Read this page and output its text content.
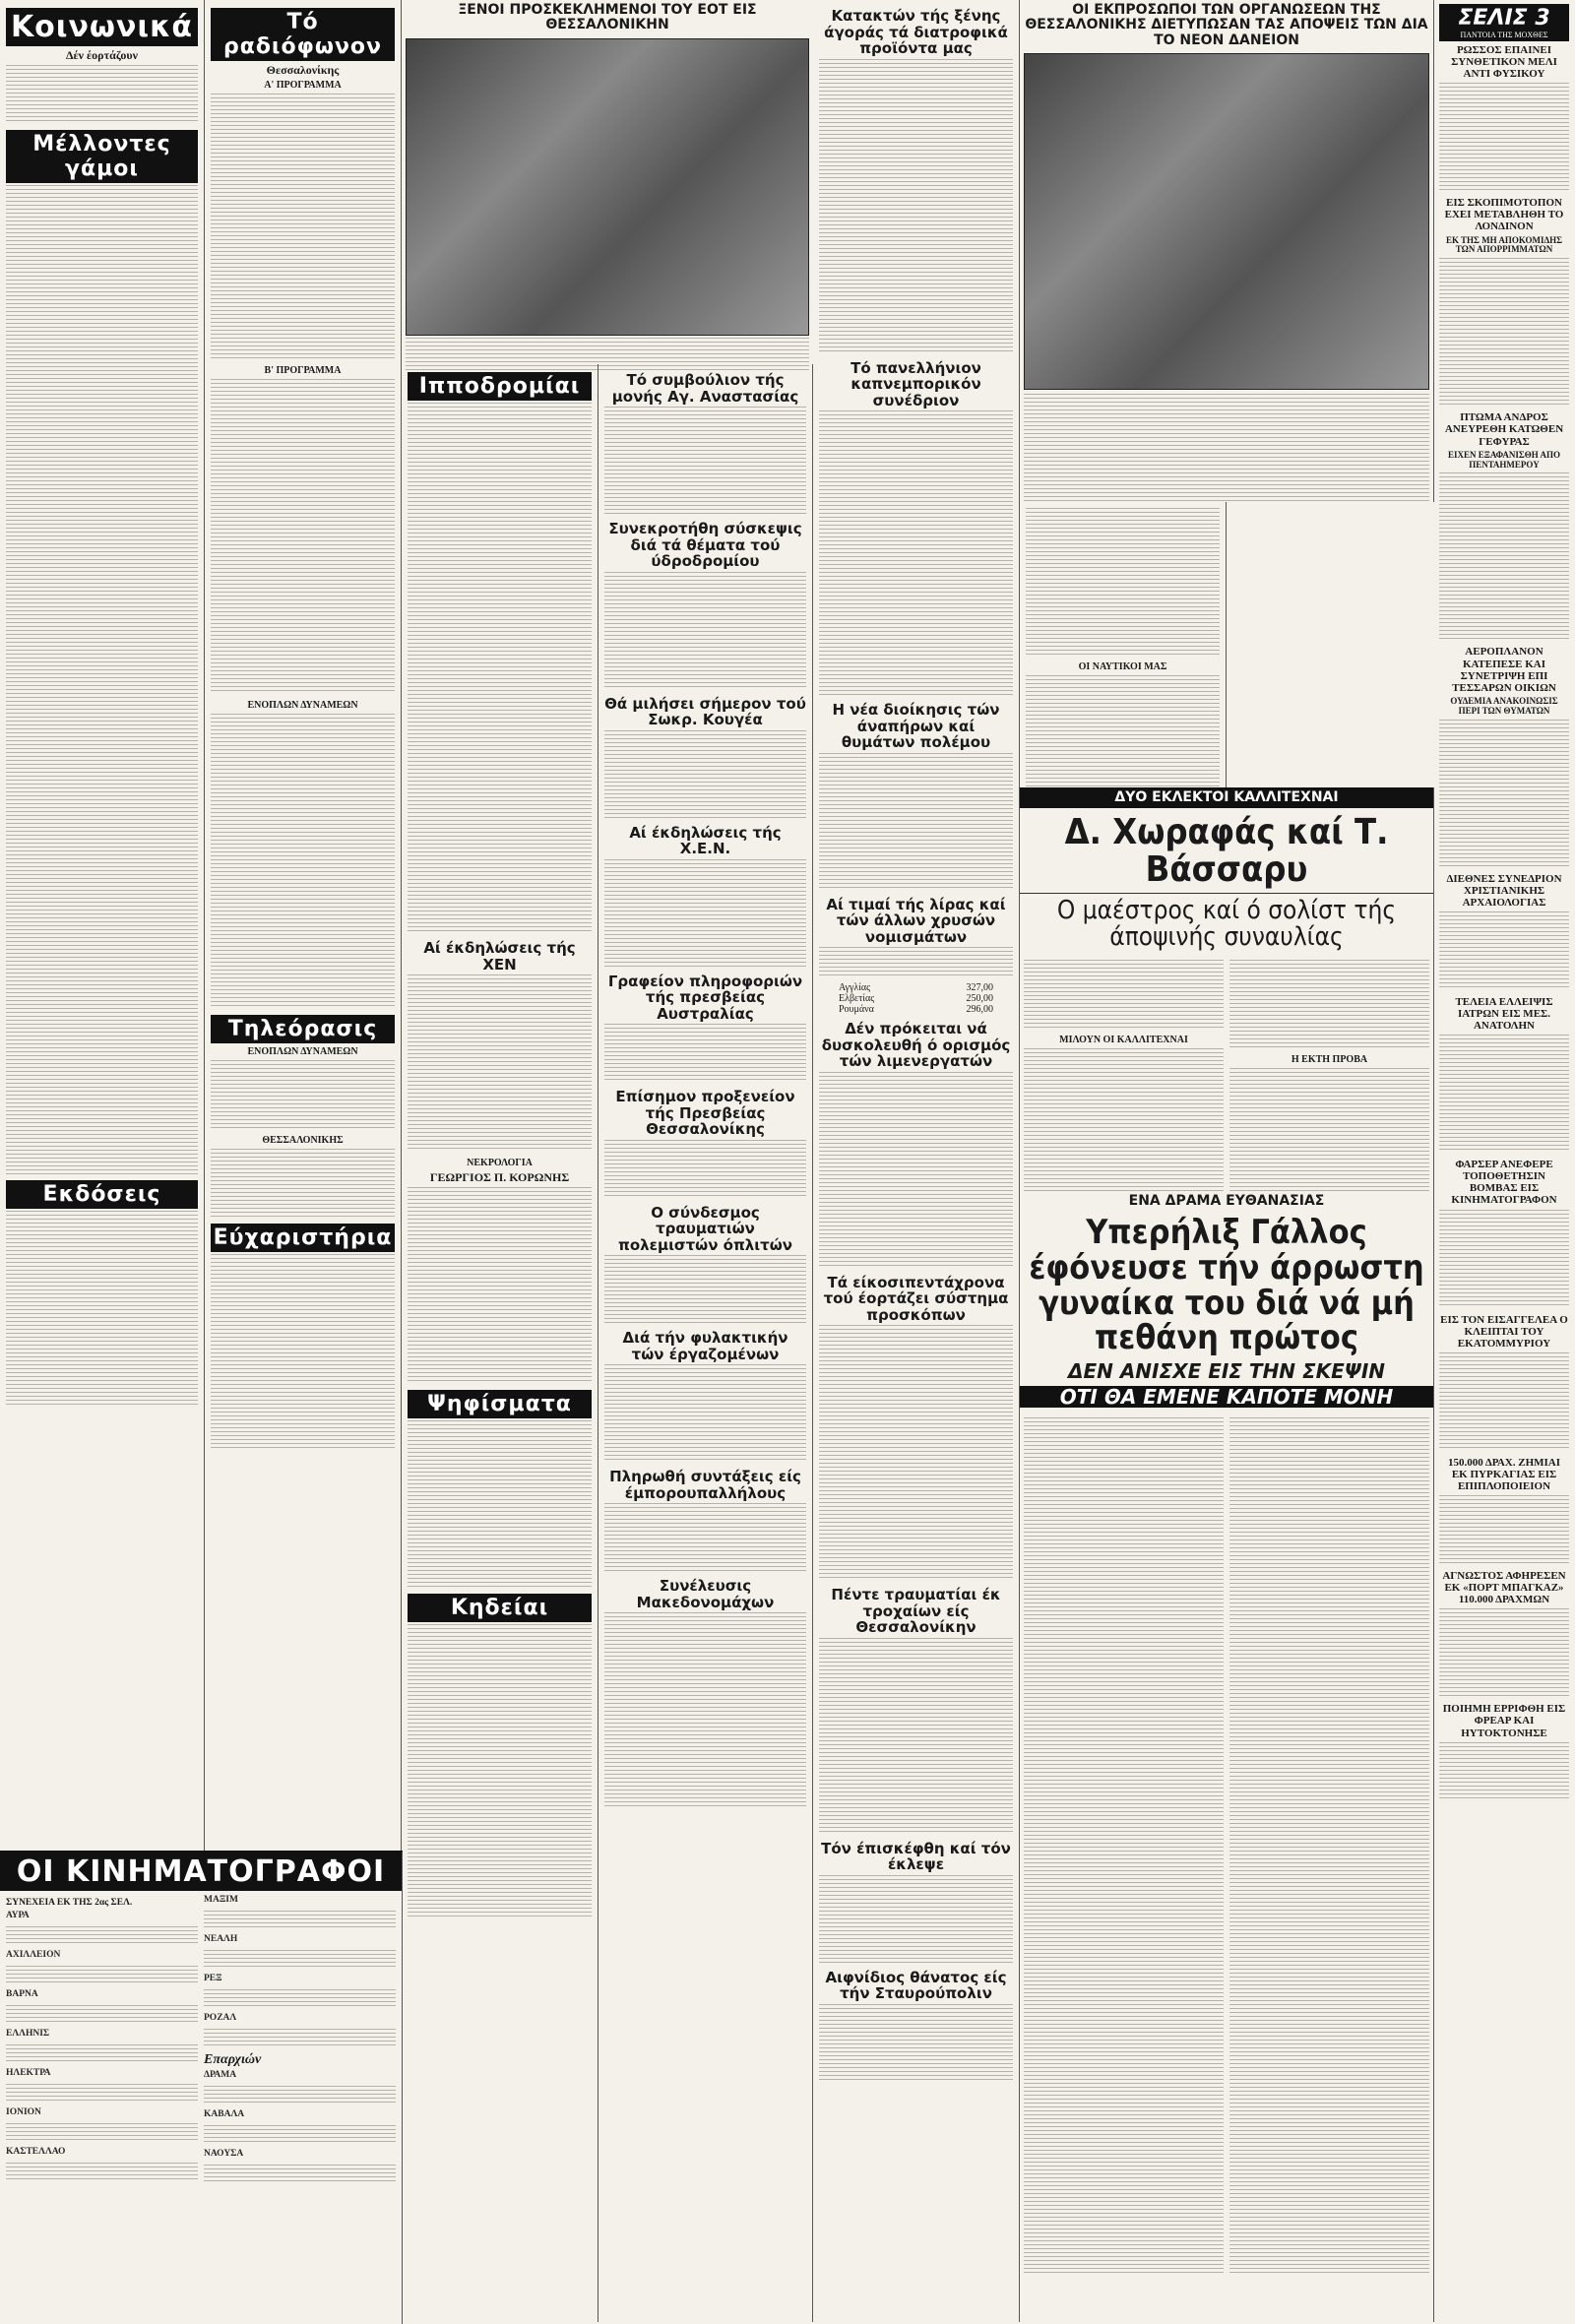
Κοινωνικά
Δέν έορτάζουν
Μέλλοντες γάμοι
Εκδόσεις
Τό ραδιόφωνον
Θεσσαλονίκης
Α' ΠΡΟΓΡΑΜΜΑ
Β' ΠΡΟΓΡΑΜΜΑ
ΕΝΟΠΛΩΝ ΔΥΝΑΜΕΩΝ
Τηλεόρασις
ΕΝΟΠΛΩΝ ΔΥΝΑΜΕΩΝ
ΘΕΣΣΑΛΟΝΙΚΗΣ
Εύχαριστήρια
ΞΕΝΟΙ ΠΡΟΣΚΕΚΛΗΜΕΝΟΙ ΤΟΥ ΕΟΤ ΕΙΣ ΘΕΣΣΑΛΟΝΙΚΗΝ
Ιπποδρομίαι
Αί έκδηλώσεις τής ΧΕΝ
ΝΕΚΡΟΛΟΓΙΑ
ΓΕΩΡΓΙΟΣ Π. ΚΟΡΩΝΗΣ
Ψηφίσματα
Κηδείαι
Τό συμβούλιον τής μονής Αγ. Αναστασίας
Συνεκροτήθη σύσκεψις διά τά θέματα τού ύδροδρομίου
Θά μιλήσει σήμερον τού Σωκρ. Κουγέα
Αί έκδηλώσεις τής Χ.Ε.Ν.
Γραφείον πληροφοριών τής πρεσβείας Αυστραλίας
Επίσημον προξενείον τής Πρεσβείας Θεσσαλονίκης
Ο σύνδεσμος τραυματιών πολεμιστών όπλιτών
Διά τήν φυλακτικήν τών έργαζομένων
Πληρωθή συντάξεις είς έμπορουπαλλήλους
Συνέλευσις Μακεδονομάχων
Κατακτών τής ξένης άγοράς τά διατροφικά προϊόντα μας
Τό πανελλήνιον καπνεμπορικόν συνέδριον
Η νέα διοίκησις τών άναπήρων καί θυμάτων πολέμου
Αί τιμαί τής λίρας καί τών άλλων χρυσών νομισμάτων
Αγγλίας	327,00
Ελβετίας	250,00
Ρουμάνα	296,00
Δέν πρόκειται νά δυσκολευθή ό ορισμός τών λιμενεργατών
Τά είκοσιπεντάχρονα τού έορτάζει σύστημα προσκόπων
Πέντε τραυματίαι έκ τροχαίων είς Θεσσαλονίκην
Τόν έπισκέφθη καί τόν έκλεψε
Αιφνίδιος θάνατος είς τήν Σταυρούπολιν
ΟΙ ΕΚΠΡΟΣΩΠΟΙ ΤΩΝ ΟΡΓΑΝΩΣΕΩΝ ΤΗΣ ΘΕΣΣΑΛΟΝΙΚΗΣ ΔΙΕΤΥΠΩΣΑΝ ΤΑΣ ΑΠΟΨΕΙΣ ΤΩΝ ΔΙΑ ΤΟ ΝΕΟΝ ΔΑΝΕΙΟΝ
ΟΙ ΝΑΥΤΙΚΟΙ ΜΑΣ
ΔΥΟ ΕΚΛΕΚΤΟΙ ΚΑΛΛΙΤΕΧΝΑΙ
Δ. Χωραφάς καί Τ. Βάσσαρυ
Ο μαέστρος καί ό σολίστ τής άποψινής συναυλίας
ΜΙΛΟΥΝ ΟΙ ΚΑΛΛΙΤΕΧΝΑΙ
Η ΕΚΤΗ ΠΡΟΒΑ
ΕΝΑ ΔΡΑΜΑ ΕΥΘΑΝΑΣΙΑΣ
Υπερήλιξ Γάλλος έφόνευσε τήν άρρωστη γυναίκα του διά νά μή πεθάνη πρώτος
ΔΕΝ ΑΝΙΣΧΕ ΕΙΣ ΤΗΝ ΣΚΕΨΙΝ
ΟΤΙ ΘΑ ΕΜΕΝΕ ΚΑΠΟΤΕ ΜΟΝΗ
ΣΕΛΙΣ 3
ΠΑΝΤΟΙΑ ΤΗΣ ΜΟΧΘΕΣ
ΡΩΣΣΟΣ ΕΠΑΙΝΕΙ ΣΥΝΘΕΤΙΚΟΝ ΜΕΛΙ ΑΝΤΙ ΦΥΣΙΚΟΥ
ΕΙΣ ΣΚΟΠΙΜΟΤΟΠΟΝ ΕΧΕΙ ΜΕΤΑΒΛΗΘΗ ΤΟ ΛΟΝΔΙΝΟΝ
ΕΚ ΤΗΣ ΜΗ ΑΠΟΚΟΜΙΔΗΣ ΤΩΝ ΑΠΟΡΡΙΜΜΑΤΩΝ
ΠΤΩΜΑ ΑΝΔΡΟΣ ΑΝΕΥΡΕΘΗ ΚΑΤΩΘΕΝ ΓΕΦΥΡΑΣ
ΕΙΧΕΝ ΕΞΑΦΑΝΙΣΘΗ ΑΠΟ ΠΕΝΤΑΗΜΕΡΟΥ
ΑΕΡΟΠΛΑΝΟΝ ΚΑΤΕΠΕΣΕ ΚΑΙ ΣΥΝΕΤΡΙΨΗ ΕΠΙ ΤΕΣΣΑΡΩΝ ΟΙΚΙΩΝ
ΟΥΔΕΜΙΑ ΑΝΑΚΟΙΝΩΣΙΣ ΠΕΡΙ ΤΩΝ ΘΥΜΑΤΩΝ
ΔΙΕΘΝΕΣ ΣΥΝΕΔΡΙΟΝ ΧΡΙΣΤΙΑΝΙΚΗΣ ΑΡΧΑΙΟΛΟΓΙΑΣ
ΤΕΛΕΙΑ ΕΛΛΕΙΨΙΣ ΙΑΤΡΩΝ ΕΙΣ ΜΕΣ. ΑΝΑΤΟΛΗΝ
ΦΑΡΣΕΡ ΑΝΕΦΕΡΕ ΤΟΠΟΘΕΤΗΣΙΝ ΒΟΜΒΑΣ ΕΙΣ ΚΙΝΗΜΑΤΟΓΡΑΦΟΝ
ΕΙΣ ΤΟΝ ΕΙΣΑΓΓΕΛΕΑ Ο ΚΛΕΙΠΤΑΙ ΤΟΥ ΕΚΑΤΟΜΜΥΡΙΟΥ
150.000 ΔΡΑΧ. ΖΗΜΙΑΙ ΕΚ ΠΥΡΚΑΓΙΑΣ ΕΙΣ ΕΠΙΠΛΟΠΟΙΕΙΟΝ
ΑΓΝΩΣΤΟΣ ΑΦΗΡΕΣΕΝ ΕΚ «ΠΟΡΤ ΜΠΑΓΚΑΖ» 110.000 ΔΡΑΧΜΩΝ
ΠΟΙΗΜΗ ΕΡΡΙΦΘΗ ΕΙΣ ΦΡΕΑΡ ΚΑΙ ΗΥΤΟΚΤΟΝΗΣΕ
ΟΙ ΚΙΝΗΜΑΤΟΓΡΑΦΟΙ
ΣΥΝΕΧΕΙΑ ΕΚ ΤΗΣ 2ας ΣΕΛ.
ΑΥΡΑ
ΑΧΙΛΛΕΙΟΝ
ΒΑΡΝΑ
ΕΛΛΗΝΙΣ
ΗΛΕΚΤΡΑ
ΙΟΝΙΟΝ
ΚΑΣΤΕΛΛΑΟ
ΜΑΞΙΜ
ΝΕΑΛΗ
ΡΕΞ
ΡΟΖΑΛ
Επαρχιών
ΔΡΑΜΑ
ΚΑΒΑΛΑ
ΝΑΟΥΣΑ
